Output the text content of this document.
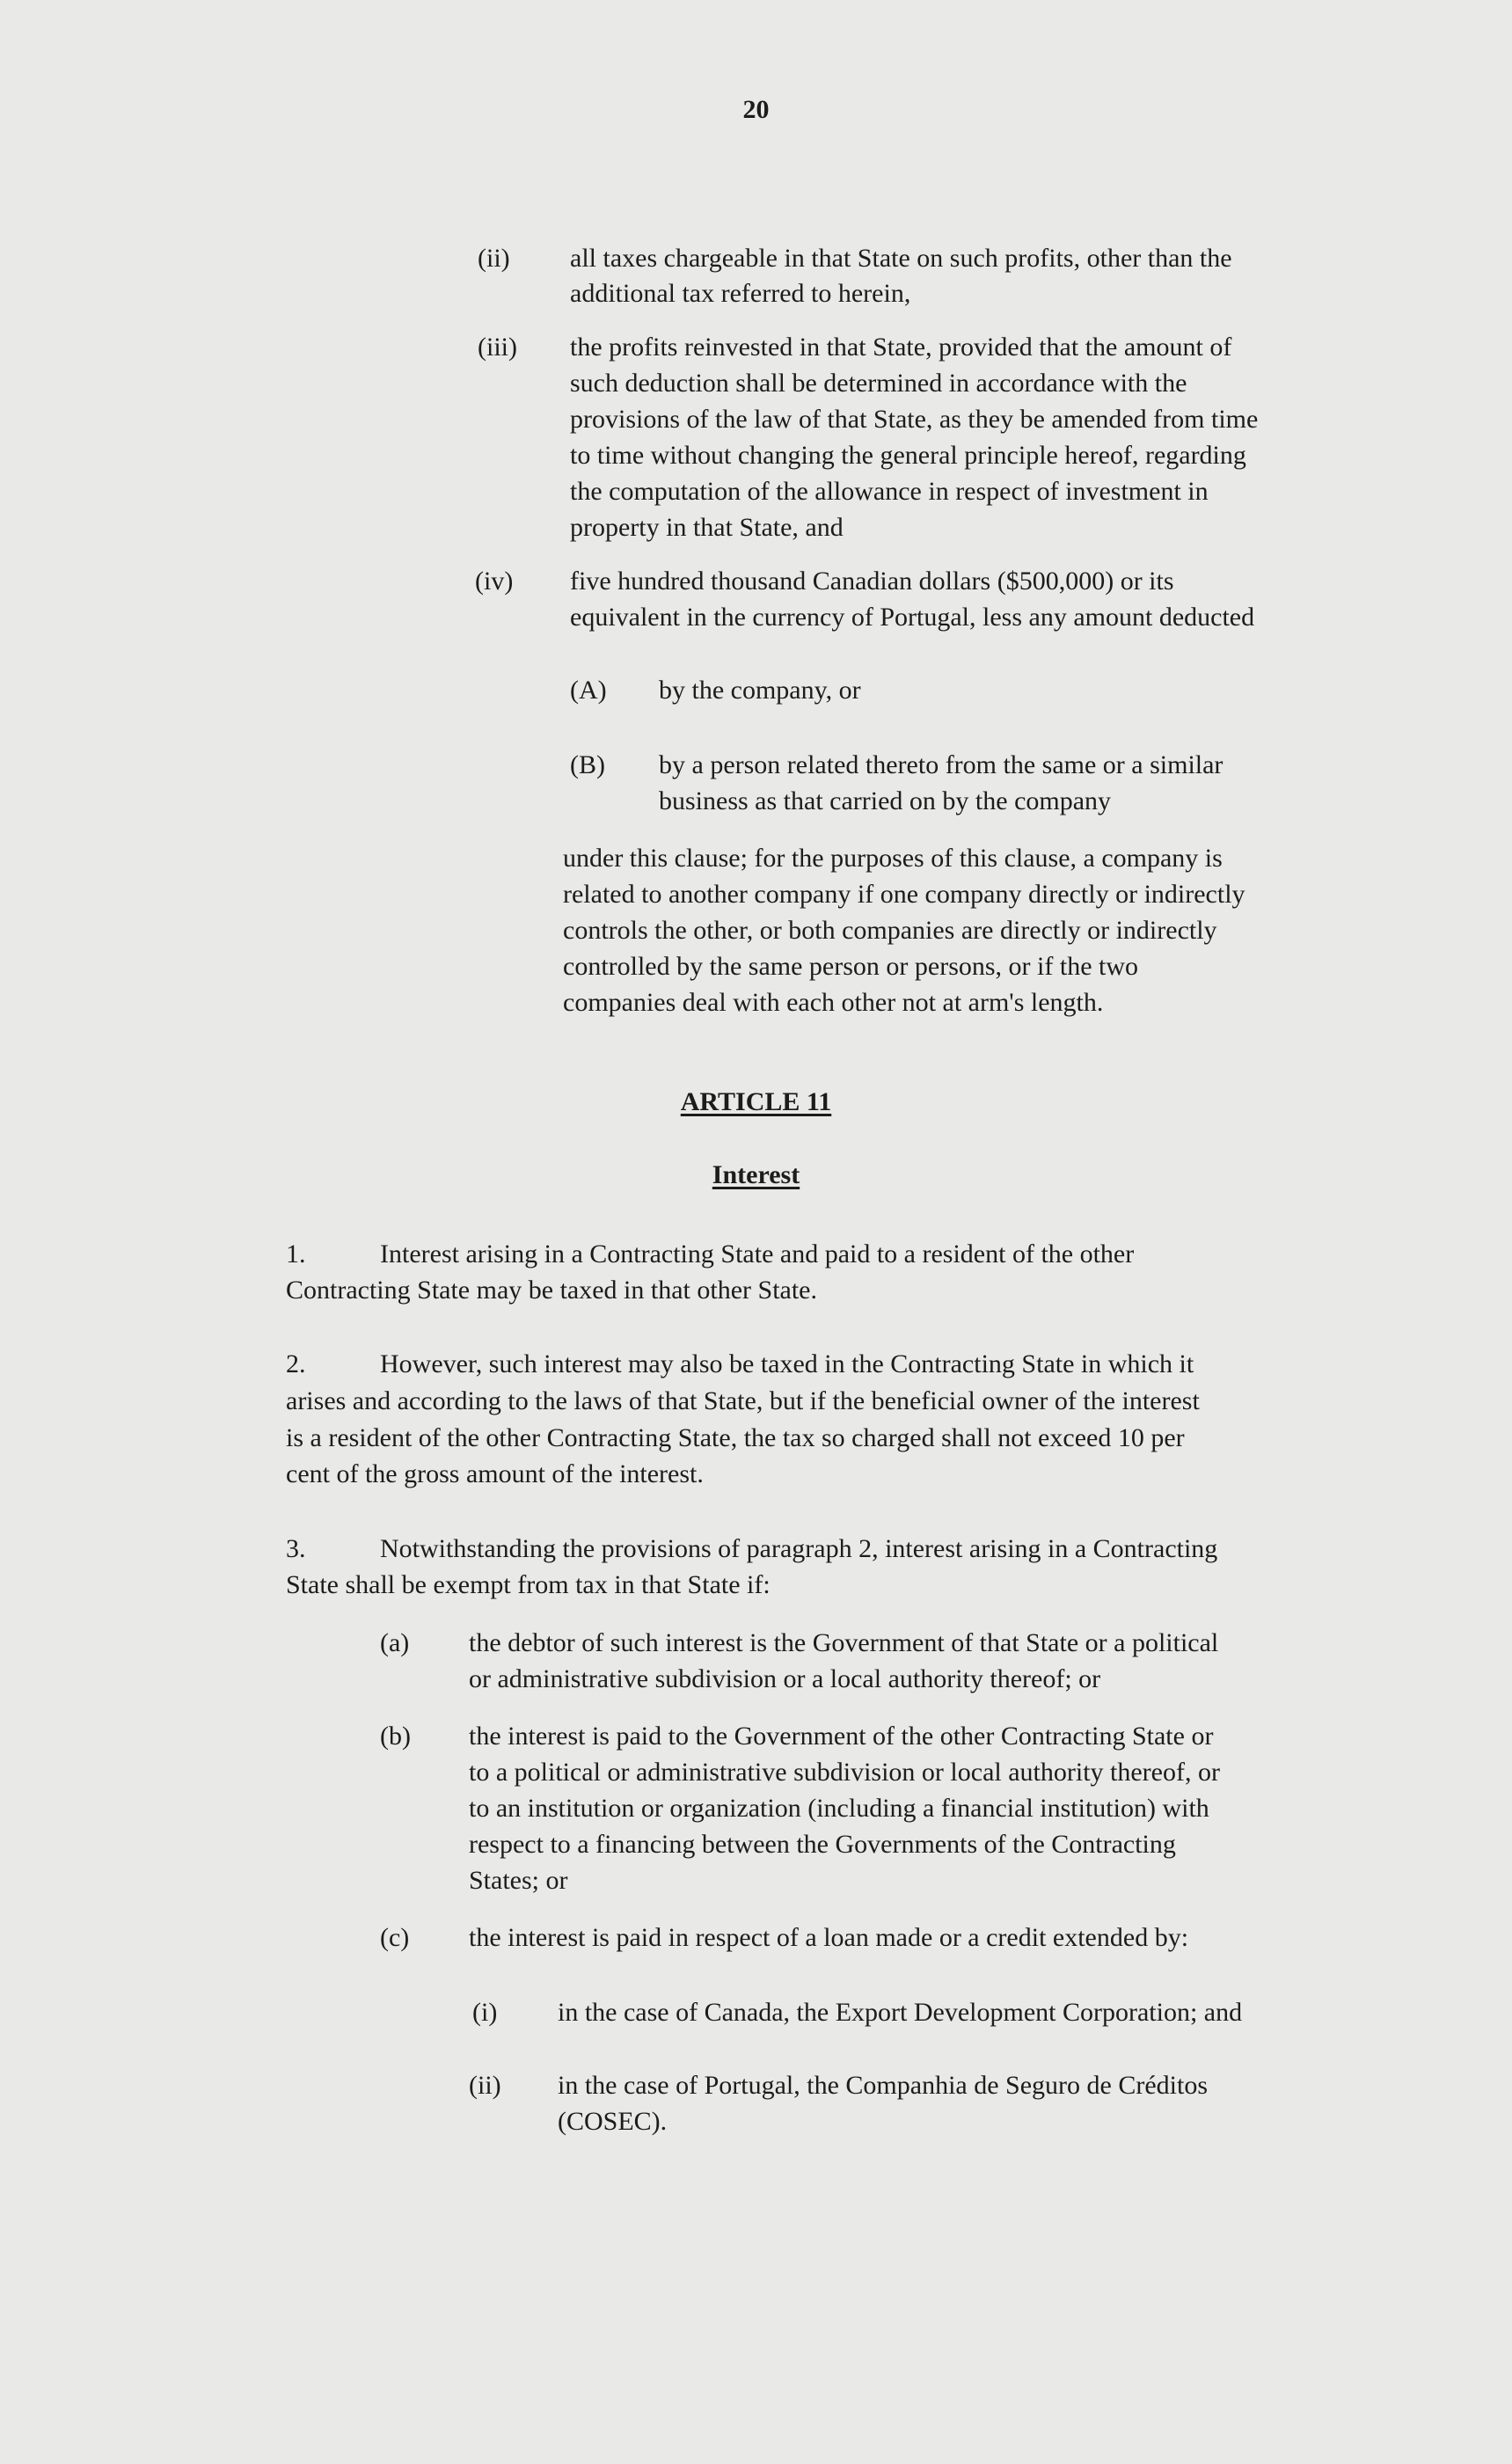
20
(ii) all taxes chargeable in that State on such profits, other than the
additional tax referred to herein,
(iii) the profits reinvested in that State, provided that the amount of
such deduction shall be determined in accordance with the
provisions of the law of that State, as they be amended from time
to time without changing the general principle hereof, regarding
the computation of the allowance in respect of investment in
property in that State, and
(iv) five hundred thousand Canadian dollars ($500,000) or its
equivalent in the currency of Portugal, less any amount deducted
(A) by the company, or
(B) by a person related thereto from the same or a similar
business as that carried on by the company
under this clause; for the purposes of this clause, a company is
related to another company if one company directly or indirectly
controls the other, or both companies are directly or indirectly
controlled by the same person or persons, or if the two
companies deal with each other not at arm's length.
ARTICLE 11
Interest
1.	Interest arising in a Contracting State and paid to a resident of the other
Contracting State may be taxed in that other State.
2.	However, such interest may also be taxed in the Contracting State in which it
arises and according to the laws of that State, but if the beneficial owner of the interest
is a resident of the other Contracting State, the tax so charged shall not exceed 10 per
cent of the gross amount of the interest.
3.	Notwithstanding the provisions of paragraph 2, interest arising in a Contracting
State shall be exempt from tax in that State if:
(a) the debtor of such interest is the Government of that State or a political
or administrative subdivision or a local authority thereof; or
(b) the interest is paid to the Government of the other Contracting State or
to a political or administrative subdivision or local authority thereof, or
to an institution or organization (including a financial institution) with
respect to a financing between the Governments of the Contracting
States; or
(c) the interest is paid in respect of a loan made or a credit extended by:
(i) in the case of Canada, the Export Development Corporation; and
(ii) in the case of Portugal, the Companhia de Seguro de Créditos
(COSEC).
